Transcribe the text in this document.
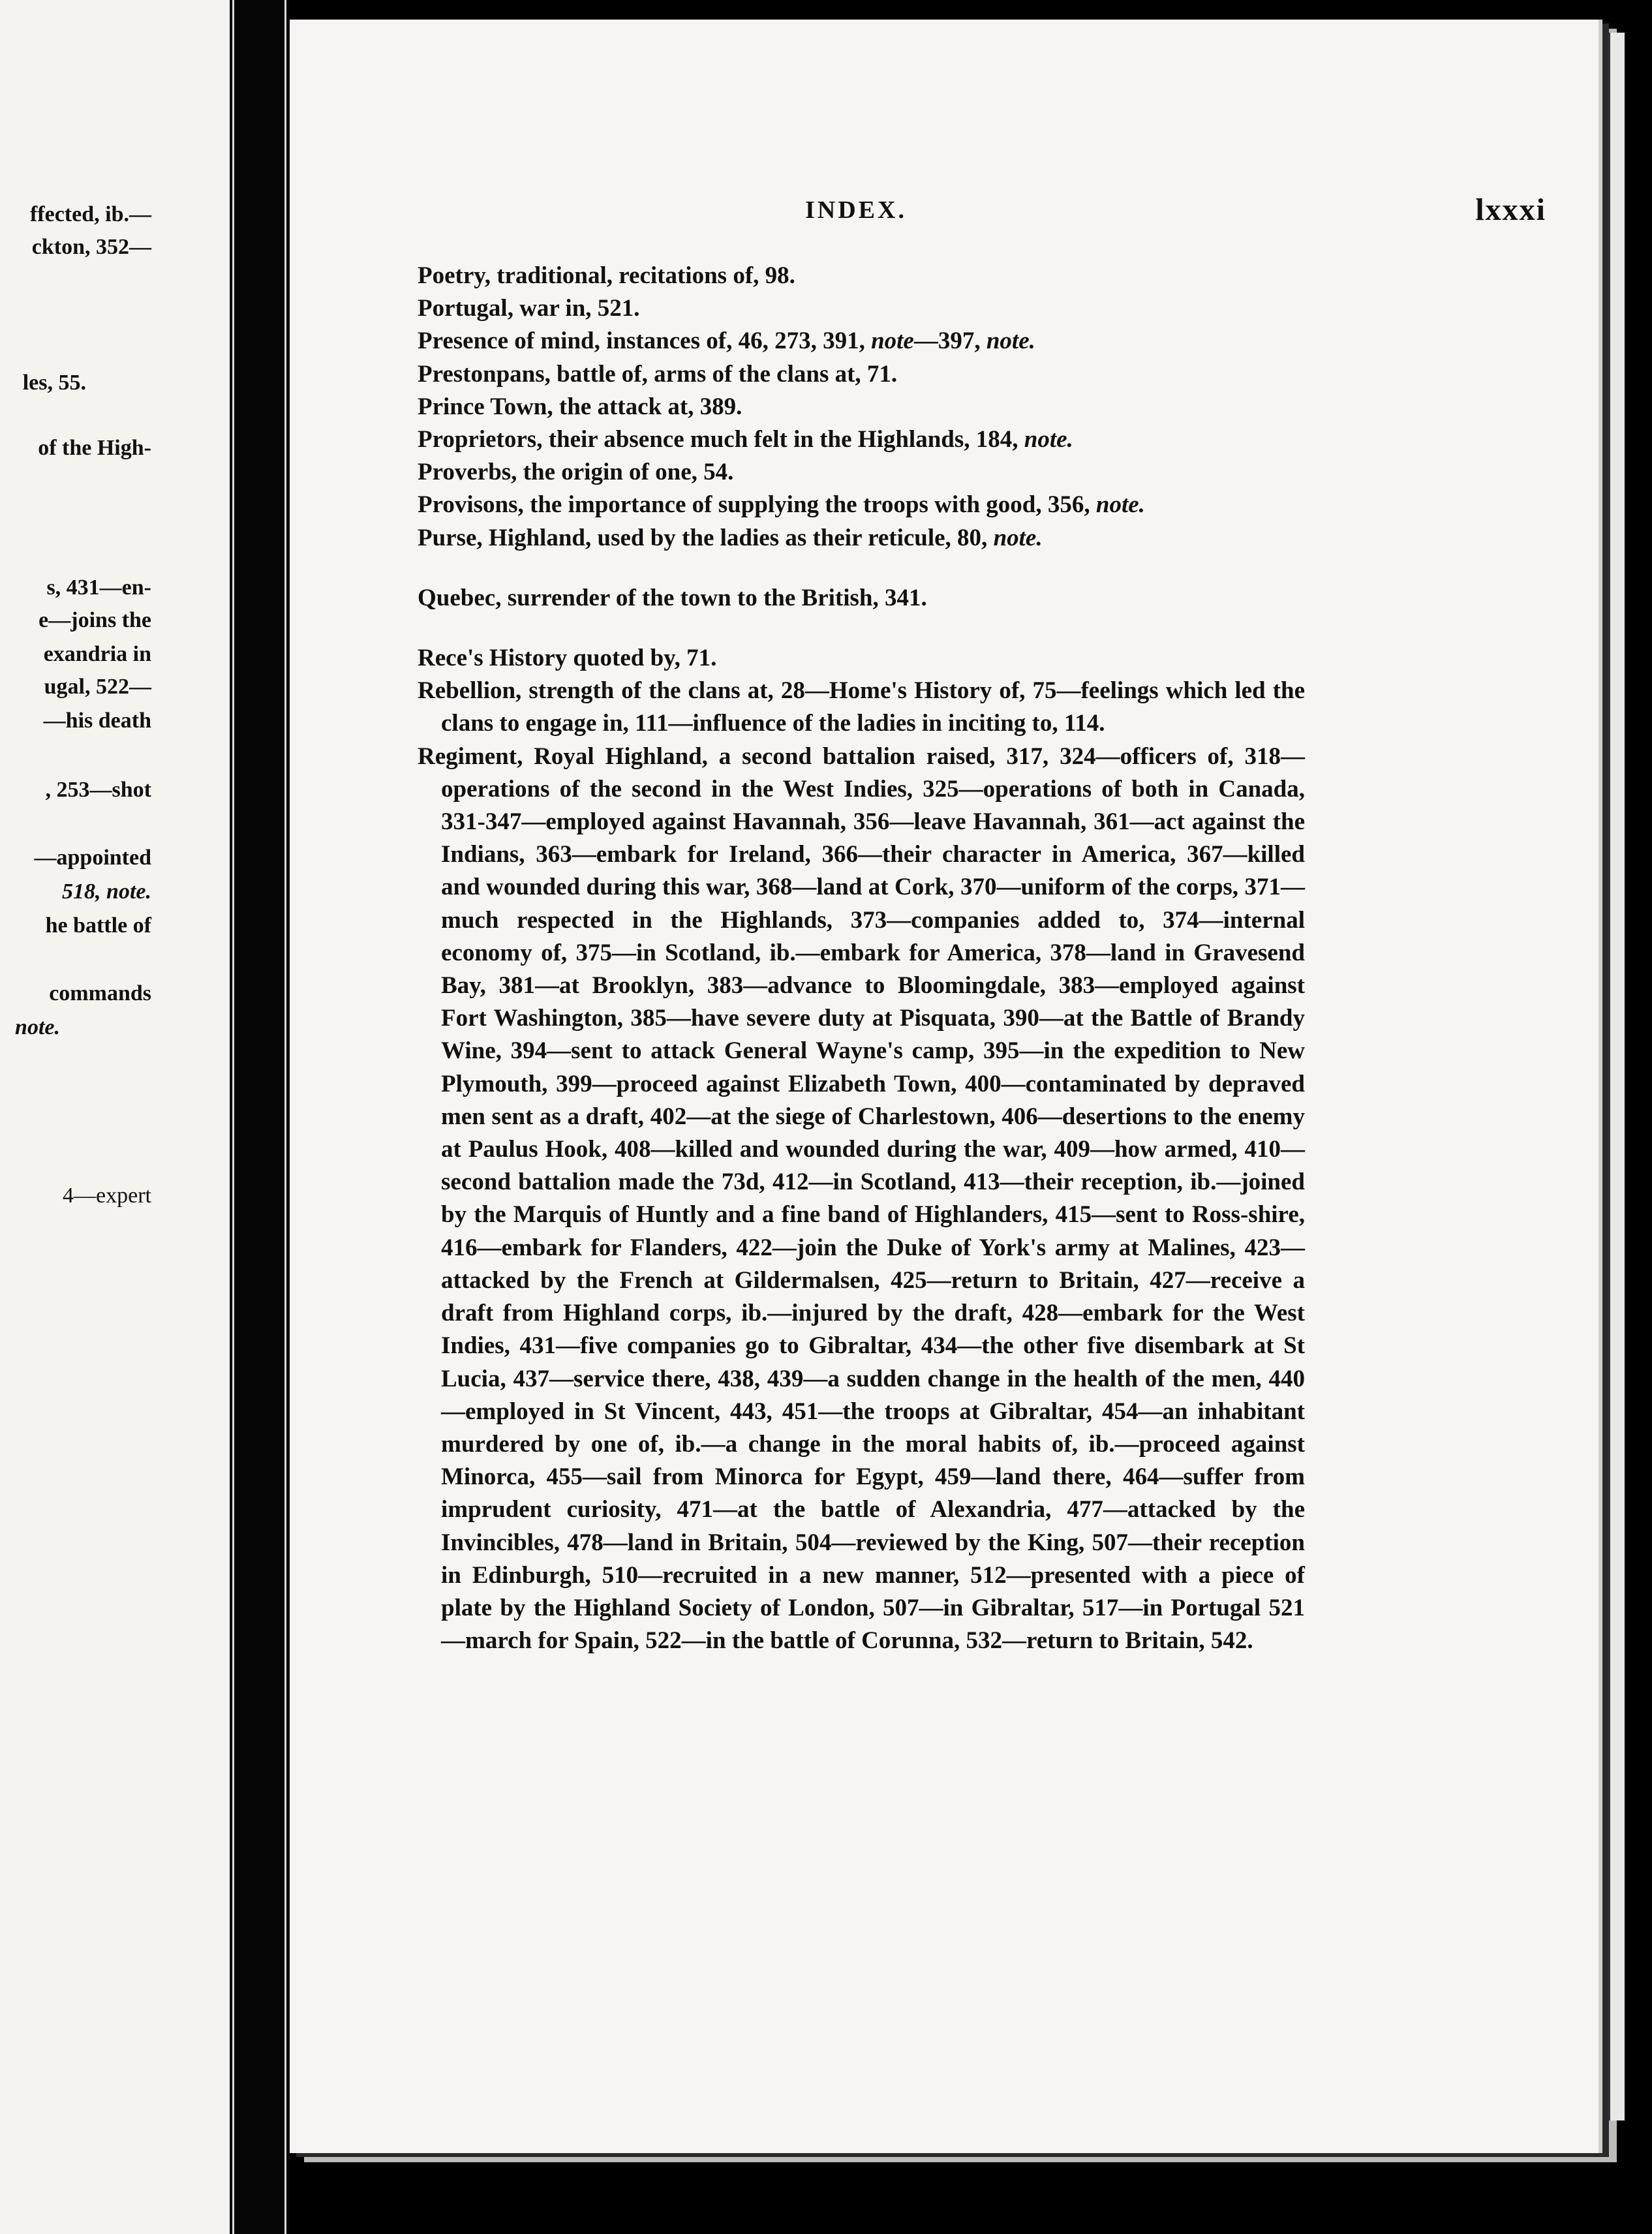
ffected, ib.—
ckton, 352—
les, 55.
of the High-
s, 431—en-
e—joins the
exandria in
ugal, 522—
—his death
, 253—shot
—appointed
518, note.
he battle of
commands
note.
4—expert
INDEX.	lxxxi
Poetry, traditional, recitations of, 98.
Portugal, war in, 521.
Presence of mind, instances of, 46, 273, 391, note—397, note.
Prestonpans, battle of, arms of the clans at, 71.
Prince Town, the attack at, 389.
Proprietors, their absence much felt in the Highlands, 184, note.
Proverbs, the origin of one, 54.
Provisons, the importance of supplying the troops with good, 356, note.
Purse, Highland, used by the ladies as their reticule, 80, note.
Quebec, surrender of the town to the British, 341.
Rece's History quoted by, 71.
Rebellion, strength of the clans at, 28—Home's History of, 75—feelings which led the clans to engage in, 111—influence of the ladies in inciting to, 114.
Regiment, Royal Highland, a second battalion raised, 317, 324—officers of, 318—operations of the second in the West Indies, 325—operations of both in Canada, 331-347—employed against Havannah, 356—leave Havannah, 361—act against the Indians, 363—embark for Ireland, 366—their character in America, 367—killed and wounded during this war, 368—land at Cork, 370—uniform of the corps, 371—much respected in the Highlands, 373—companies added to, 374—internal economy of, 375—in Scotland, ib.—embark for America, 378—land in Gravesend Bay, 381—at Brooklyn, 383—advance to Bloomingdale, 383—employed against Fort Washington, 385—have severe duty at Pisquata, 390—at the Battle of Brandy Wine, 394—sent to attack General Wayne's camp, 395—in the expedition to New Plymouth, 399—proceed against Elizabeth Town, 400—contaminated by depraved men sent as a draft, 402—at the siege of Charlestown, 406—desertions to the enemy at Paulus Hook, 408—killed and wounded during the war, 409—how armed, 410—second battalion made the 73d, 412—in Scotland, 413—their reception, ib.—joined by the Marquis of Huntly and a fine band of Highlanders, 415—sent to Ross-shire, 416—embark for Flanders, 422—join the Duke of York's army at Malines, 423—attacked by the French at Gildermalsen, 425—return to Britain, 427—receive a draft from Highland corps, ib.—injured by the draft, 428—embark for the West Indies, 431—five companies go to Gibraltar, 434—the other five disembark at St Lucia, 437—service there, 438, 439—a sudden change in the health of the men, 440—employed in St Vincent, 443, 451—the troops at Gibraltar, 454—an inhabitant murdered by one of, ib.—a change in the moral habits of, ib.—proceed against Minorca, 455—sail from Minorca for Egypt, 459—land there, 464—suffer from imprudent curiosity, 471—at the battle of Alexandria, 477—attacked by the Invincibles, 478—land in Britain, 504—reviewed by the King, 507—their reception in Edinburgh, 510—recruited in a new manner, 512—presented with a piece of plate by the Highland Society of London, 507—in Gibraltar, 517—in Portugal 521—march for Spain, 522—in the battle of Corunna, 532—return to Britain, 542.
